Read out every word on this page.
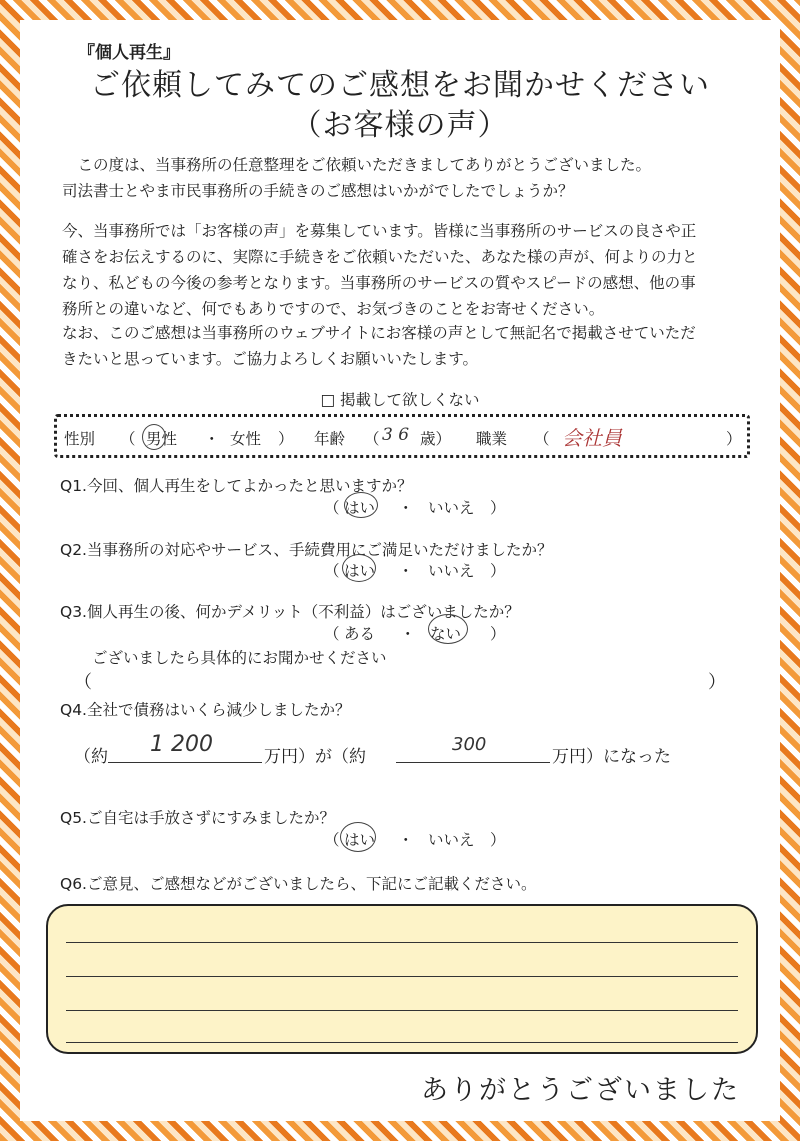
『個人再生』
ご依頼してみてのご感想をお聞かせください
（お客様の声）

　この度は、当事務所の任意整理をご依頼いただきましてありがとうございました。

司法書士とやま市民事務所の手続きのご感想はいかがでしたでしょうか？

今、当事務所では「お客様の声」を募集しています。皆様に当事務所のサービスの良さや正

確さをお伝えするのに、実際に手続きをご依頼いただいた、あなた様の声が、何よりの力と

なり、私どもの今後の参考となります。当事務所のサービスの質やスピードの感想、他の事

務所との違いなど、何でもありですので、お気づきのことをお寄せください。

なお、このご感想は当事務所のウェブサイトにお客様の声として無記名で掲載させていただ

きたいと思っています。ご協力よろしくお願いいたします。

□ 掲載して欲しくない
性別 （ 男性 ・ 女性 ） 年齢 （ 3 6 歳） 職業 （ 会社員	）
Q1.今回、個人再生をしてよかったと思いますか？
（ はい ・ いいえ ）
Q2.当事務所の対応やサービス、手続費用にご満足いただけましたか？
（ はい ・ いいえ ）
Q3.個人再生の後、何かデメリット（不利益）はございましたか？
（ ある ・ ない ）
ございましたら具体的にお聞かせください
（	）
Q4.全社で債務はいくら減少しましたか？
（約 1 200	万円）が（約
300
万円）になった
Q5.ご自宅は手放さずにすみましたか？
（ はい ・ いいえ ）
Q6.ご意見、ご感想などがございましたら、下記にご記載ください。
ありがとうございました
